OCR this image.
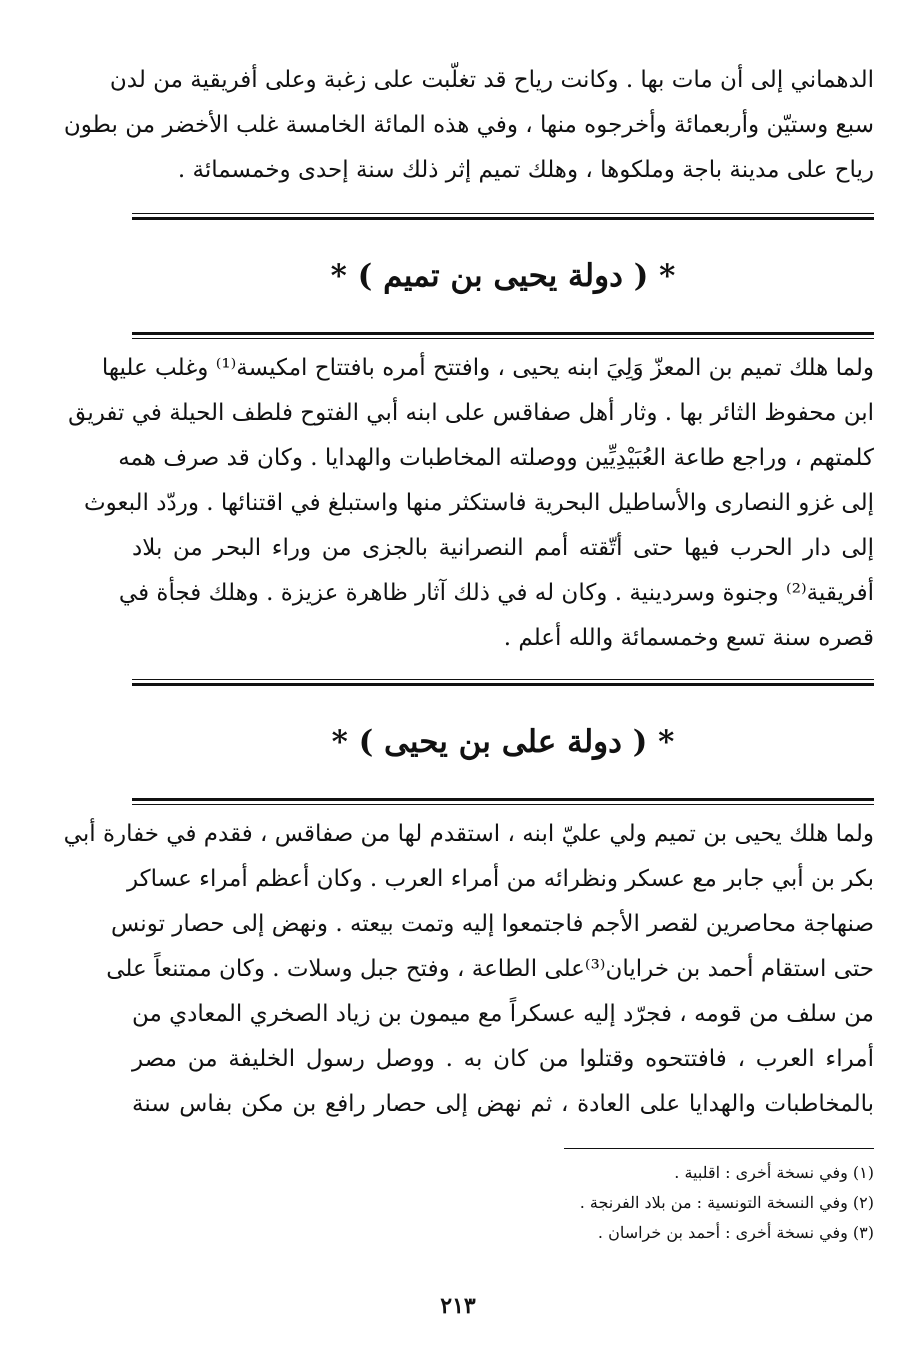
الدهماني إلى أن مات بها . وكانت رياح قد تغلّبت على زغبة وعلى أفريقية من لدن
سبع وستيّن وأربعمائة وأخرجوه منها ، وفي هذه المائة الخامسة غلب الأخضر من بطون
رياح على مدينة باجة وملكوها ، وهلك تميم إثر ذلك سنة إحدى وخمسمائة .
* ( دولة يحيى بن تميم ) *
ولما هلك تميم بن المعزّ وَلِيَ ابنه يحيى ، وافتتح أمره بافتتاح امكيسة⁽¹⁾ وغلب عليها
ابن محفوظ الثائر بها . وثار أهل صفاقس على ابنه أبي الفتوح فلطف الحيلة في تفريق
كلمتهم ، وراجع طاعة العُبَيْدِيِّين ووصلته المخاطبات والهدايا . وكان قد صرف همه
إلى غزو النصارى والأساطيل البحرية فاستكثر منها واستبلغ في اقتنائها . وردّد البعوث
إلى دار الحرب فيها حتى أتّقته أمم النصرانية بالجزى من وراء البحر من بلاد
أفريقية⁽²⁾ وجنوة وسردينية . وكان له في ذلك آثار ظاهرة عزيزة . وهلك فجأة في
قصره سنة تسع وخمسمائة والله أعلم .
* ( دولة على بن يحيى ) *
ولما هلك يحيى بن تميم ولي عليّ ابنه ، استقدم لها من صفاقس ، فقدم في خفارة أبي
بكر بن أبي جابر مع عسكر ونظرائه من أمراء العرب . وكان أعظم أمراء عساكر
صنهاجة محاصرين لقصر الأجم فاجتمعوا إليه وتمت بيعته . ونهض إلى حصار تونس
حتى استقام أحمد بن خرايان⁽³⁾على الطاعة ، وفتح جبل وسلات . وكان ممتنعاً على
من سلف من قومه ، فجرّد إليه عسكراً مع ميمون بن زياد الصخري المعادي من
أمراء العرب ، فافتتحوه وقتلوا من كان به . ووصل رسول الخليفة من مصر
بالمخاطبات والهدايا على العادة ، ثم نهض إلى حصار رافع بن مكن بفاس سنة
(١) وفي نسخة أخرى : اقلبية .
(٢) وفي النسخة التونسية : من بلاد الفرنجة .
(٣) وفي نسخة أخرى : أحمد بن خراسان .
٢١٣
